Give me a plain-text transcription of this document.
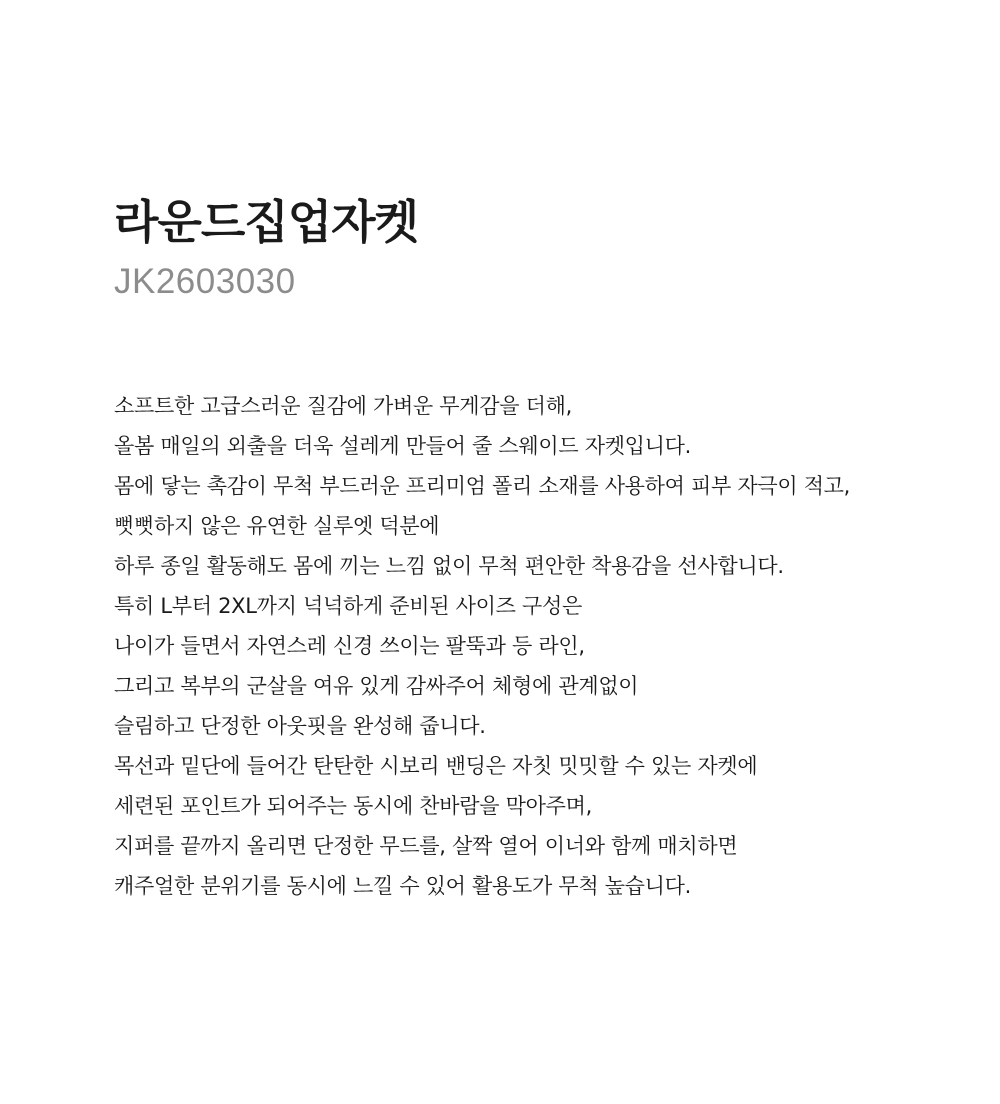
라운드집업자켓
JK2603030
소프트한 고급스러운 질감에 가벼운 무게감을 더해,
올봄 매일의 외출을 더욱 설레게 만들어 줄 스웨이드 자켓입니다.
몸에 닿는 촉감이 무척 부드러운 프리미엄 폴리 소재를 사용하여 피부 자극이 적고,
뻣뻣하지 않은 유연한 실루엣 덕분에
하루 종일 활동해도 몸에 끼는 느낌 없이 무척 편안한 착용감을 선사합니다.
특히 L부터 2XL까지 넉넉하게 준비된 사이즈 구성은
나이가 들면서 자연스레 신경 쓰이는 팔뚝과 등 라인,
그리고 복부의 군살을 여유 있게 감싸주어 체형에 관계없이
슬림하고 단정한 아웃핏을 완성해 줍니다.
목선과 밑단에 들어간 탄탄한 시보리 밴딩은 자칫 밋밋할 수 있는 자켓에
세련된 포인트가 되어주는 동시에 찬바람을 막아주며,
지퍼를 끝까지 올리면 단정한 무드를, 살짝 열어 이너와 함께 매치하면
캐주얼한 분위기를 동시에 느낄 수 있어 활용도가 무척 높습니다.
